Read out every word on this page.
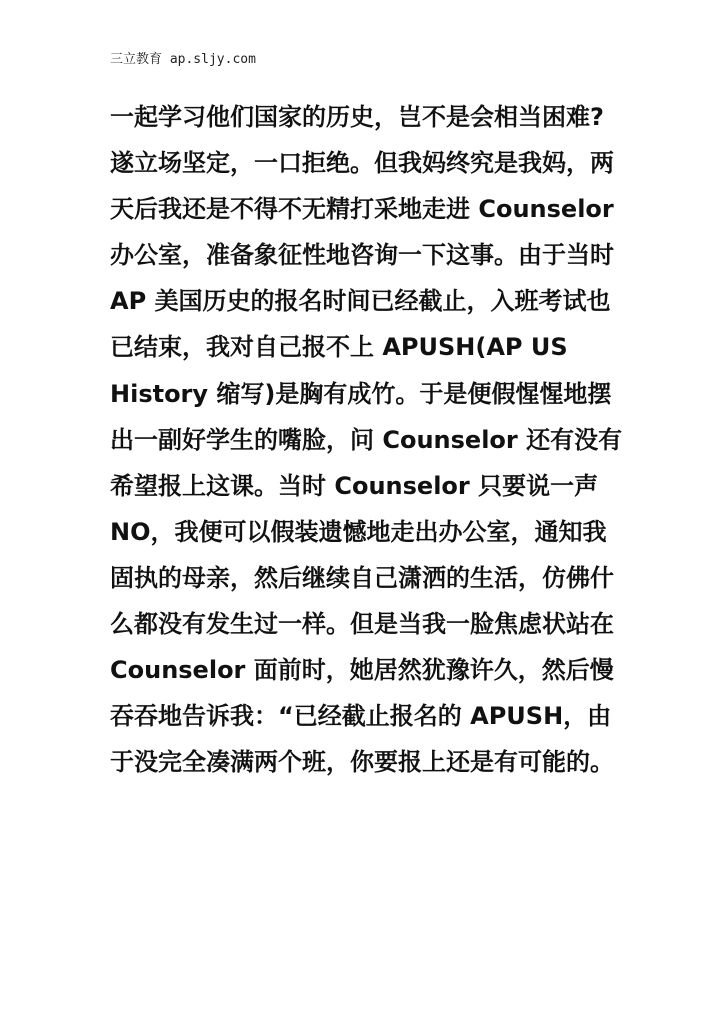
三立教育 ap.sljy.com
一起学习他们国家的历史，岂不是会相当困难?
遂立场坚定，一口拒绝。但我妈终究是我妈，两
天后我还是不得不无精打采地走进 Counselor
办公室，准备象征性地咨询一下这事。由于当时
AP 美国历史的报名时间已经截止，入班考试也
已结束，我对自己报不上 APUSH(AP US
History 缩写)是胸有成竹。于是便假惺惺地摆
出一副好学生的嘴脸，问 Counselor 还有没有
希望报上这课。当时 Counselor 只要说一声
NO，我便可以假装遗憾地走出办公室，通知我
固执的母亲，然后继续自己潇洒的生活，仿佛什
么都没有发生过一样。但是当我一脸焦虑状站在
Counselor 面前时，她居然犹豫许久，然后慢
吞吞地告诉我：“已经截止报名的 APUSH，由
于没完全凑满两个班，你要报上还是有可能的。
